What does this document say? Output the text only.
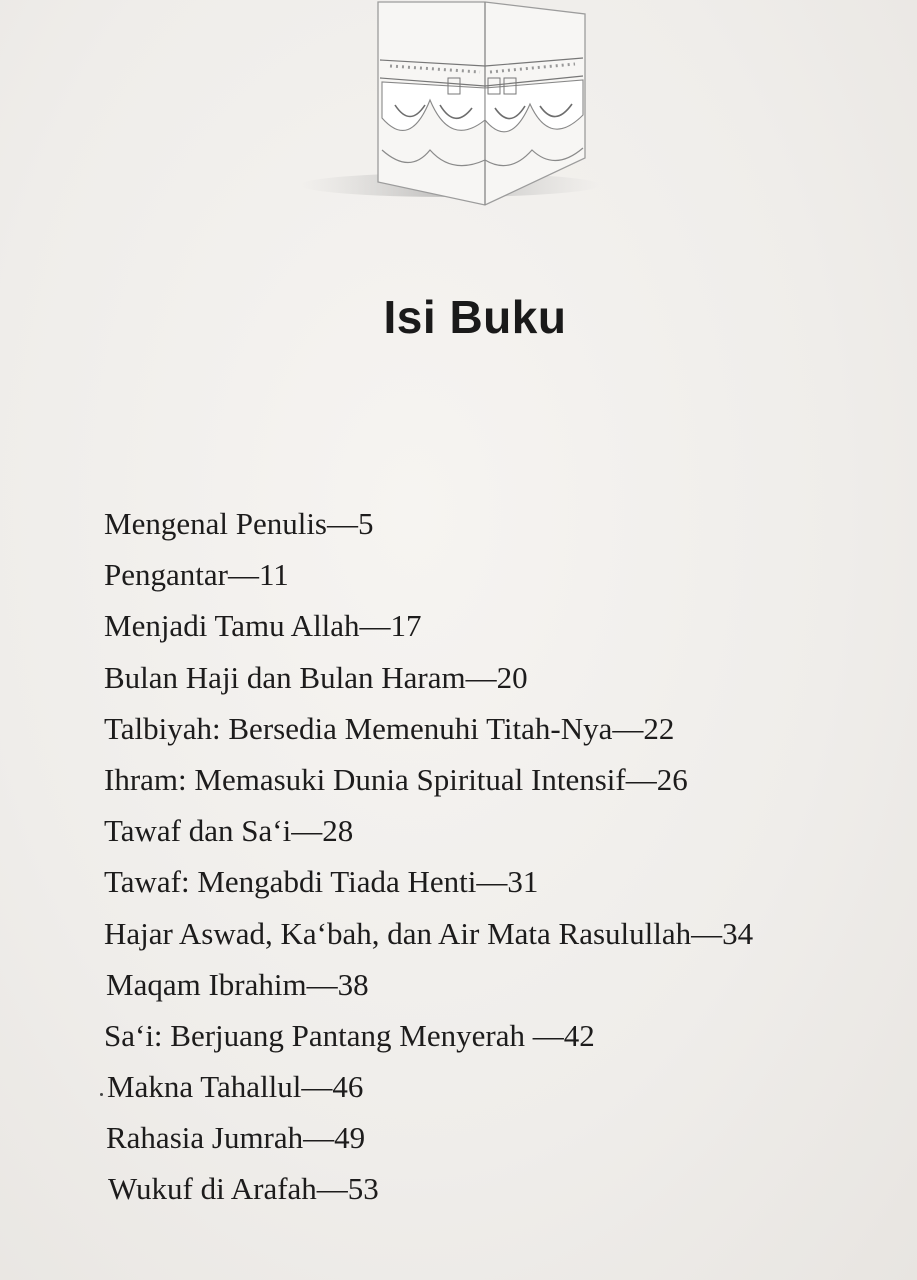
Isi Buku
Mengenal Penulis—5
Pengantar—11
Menjadi Tamu Allah—17
Bulan Haji dan Bulan Haram—20
Talbiyah: Bersedia Memenuhi Titah-Nya—22
Ihram: Memasuki Dunia Spiritual Intensif—26
Tawaf dan Sa‘i—28
Tawaf: Mengabdi Tiada Henti—31
Hajar Aswad, Ka‘bah, dan Air Mata Rasulullah—34
Maqam Ibrahim—38
Sa‘i: Berjuang Pantang Menyerah —42
Makna Tahallul—46
Rahasia Jumrah—49
Wukuf di Arafah—53
